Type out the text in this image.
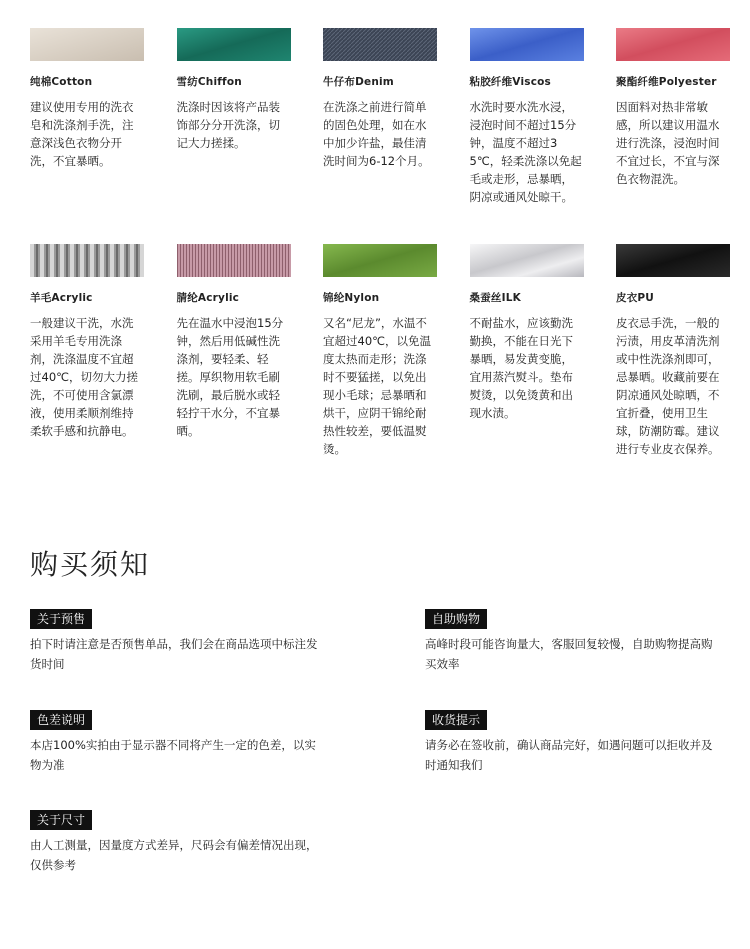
纯棉Cotton
建议使用专用的洗衣皂和洗涤剂手洗，注意深浅色衣物分开洗，不宜暴晒。
雪纺Chiffon
洗涤时因该将产品装饰部分分开洗涤，切记大力搓揉。
牛仔布Denim
在洗涤之前进行简单的固色处理，如在水中加少许盐，最佳清洗时间为6-12个月。
粘胶纤维Viscos
水洗时要水洗水浸，浸泡时间不超过15分钟，温度不超过35℃，轻柔洗涤以免起毛或走形，忌暴晒，阴凉或通风处晾干。
聚酯纤维Polyester
因面料对热非常敏感，所以建议用温水进行洗涤，浸泡时间不宜过长，不宜与深色衣物混洗。
羊毛Acrylic
一般建议干洗，水洗采用羊毛专用洗涤剂，洗涤温度不宜超过40℃，切勿大力搓洗，不可使用含氯漂液，使用柔顺剂维持柔软手感和抗静电。
腈纶Acrylic
先在温水中浸泡15分钟，然后用低碱性洗涤剂，要轻柔、轻搓。厚织物用软毛刷洗刷，最后脱水或轻轻拧干水分，不宜暴晒。
锦纶Nylon
又名“尼龙”，水温不宜超过40℃，以免温度太热而走形；洗涤时不要猛搓，以免出现小毛球；忌暴晒和烘干，应阴干锦纶耐热性较差，要低温熨烫。
桑蚕丝ILK
不耐盐水，应该勤洗勤换，不能在日光下暴晒，易发黄变脆，宜用蒸汽熨斗。垫布熨烫，以免烫黄和出现水渍。
皮衣PU
皮衣忌手洗，一般的污渍，用皮革清洗剂或中性洗涤剂即可，忌暴晒。收藏前要在阴凉通风处晾晒，不宜折叠，使用卫生球，防潮防霉。建议进行专业皮衣保养。
购买须知
关于预售
拍下时请注意是否预售单品，我们会在商品选项中标注发货时间
自助购物
高峰时段可能咨询量大，客服回复较慢，自助购物提高购买效率
色差说明
本店100%实拍由于显示器不同将产生一定的色差，以实物为准
收货提示
请务必在签收前，确认商品完好，如遇问题可以拒收并及时通知我们
关于尺寸
由人工测量，因量度方式差异，尺码会有偏差情况出现，仅供参考
